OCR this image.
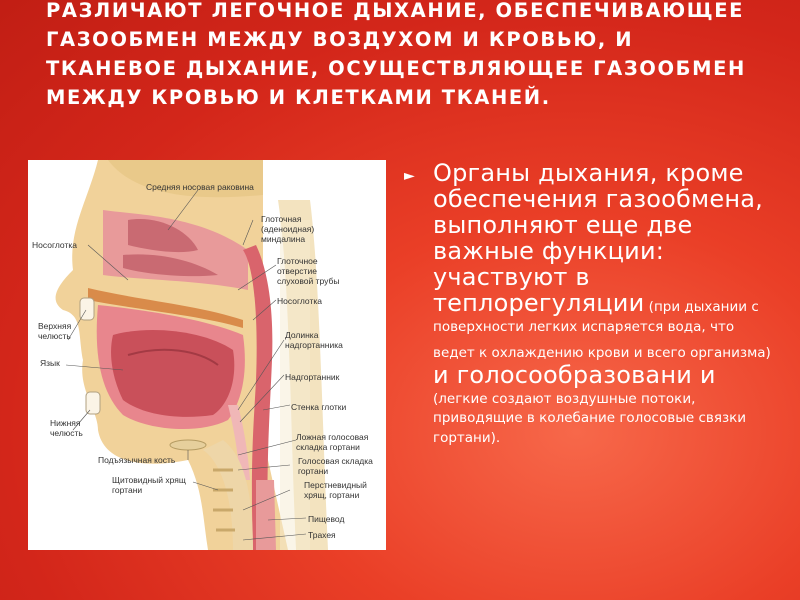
РАЗЛИЧАЮТ ЛЕГОЧНОЕ ДЫХАНИЕ, ОБЕСПЕЧИВАЮЩЕЕ ГАЗООБМЕН МЕЖДУ ВОЗДУХОМ И КРОВЬЮ, И ТКАНЕВОЕ ДЫХАНИЕ, ОСУЩЕСТВЛЯЮЩЕЕ ГАЗООБМЕН МЕЖДУ КРОВЬЮ И КЛЕТКАМИ ТКАНЕЙ.
Средняя носовая раковина
Глоточная
(аденоидная)
миндалина
Глоточное
отверстие
слуховой трубы
Носоглотка
Носоглотка
Верхняя
челюсть
Язык
Долинка
надгортанника
Надгортанник
Стенка глотки
Нижняя
челюсть	Ложная голосовая
складка гортани
Подъязычная кость	Голосовая складка
гортани
Щитовидный хрящ
гортани	Перстневидный
хрящ, гортани
Пищевод
Трахея
► Органы дыхания, кроме обеспечения газообмена, выполняют еще две важные функции: участвуют в теплорегуляции (при дыхании с поверхности легких испаряется вода, что ведет к охлаждению крови и всего организма) и голосообразовани и (легкие создают воздушные потоки, приводящие в колебание голосовые связки гортани).
